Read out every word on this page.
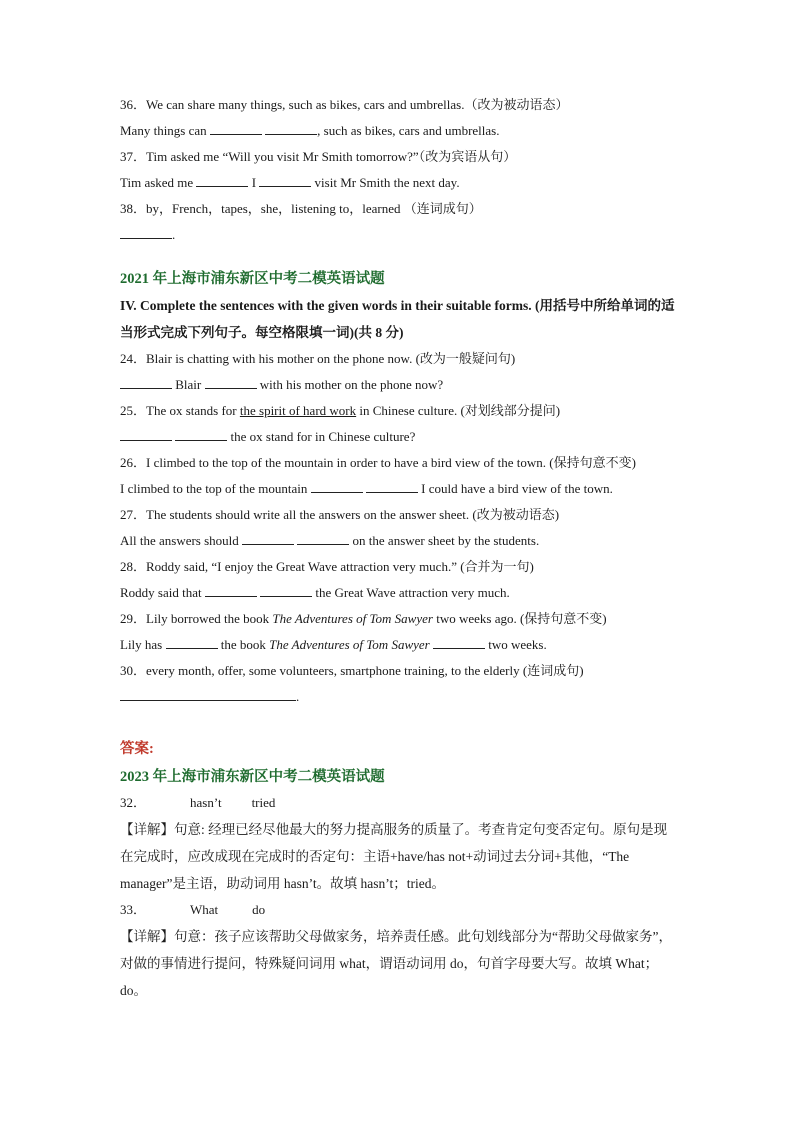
36．We can share many things, such as bikes, cars and umbrellas.（改为被动语态）
Many things can	, such as bikes, cars and umbrellas.
37．Tim asked me “Will you visit Mr Smith tomorrow?”（改为宾语从句）
Tim asked me	I	visit Mr Smith the next day.
38．by，French，tapes，she，listening to，learned （连词成句）
.
2021 年上海市浦东新区中考二模英语试题
IV. Complete the sentences with the given words in their suitable forms. (用括号中所给单词的适当形式完成下列句子。每空格限填一词)(共 8 分)
24．Blair is chatting with his mother on the phone now. (改为一般疑问句)
Blair	with his mother on the phone now?
25．The ox stands for the spirit of hard work in Chinese culture. (对划线部分提问)
the ox stand for in Chinese culture?
26．I climbed to the top of the mountain in order to have a bird view of the town. (保持句意不变)
I climbed to the top of the mountain	I could have a bird view of the town.
27．The students should write all the answers on the answer sheet. (改为被动语态)
All the answers should	on the answer sheet by the students.
28．Roddy said, “I enjoy the Great Wave attraction very much.” (合并为一句)
Roddy said that	the Great Wave attraction very much.
29．Lily borrowed the book The Adventures of Tom Sawyer two weeks ago. (保持句意不变)
Lily has	the book The Adventures of Tom Sawyer	two weeks.
30．every month, offer, some volunteers, smartphone training, to the elderly (连词成句)
.
答案:
2023 年上海市浦东新区中考二模英语试题
32．	hasn’t tried
【详解】句意: 经理已经尽他最大的努力提高服务的质量了。考查肯定句变否定句。原句是现在完成时，应改成现在完成时的否定句：主语+have/has not+动词过去分词+其他，“The manager”是主语，助动词用 hasn’t。故填 hasn’t；tried。
33．	What	do
【详解】句意：孩子应该帮助父母做家务，培养责任感。此句划线部分为“帮助父母做家务”，对做的事情进行提问，特殊疑问词用 what，谓语动词用 do，句首字母要大写。故填 What；do。
